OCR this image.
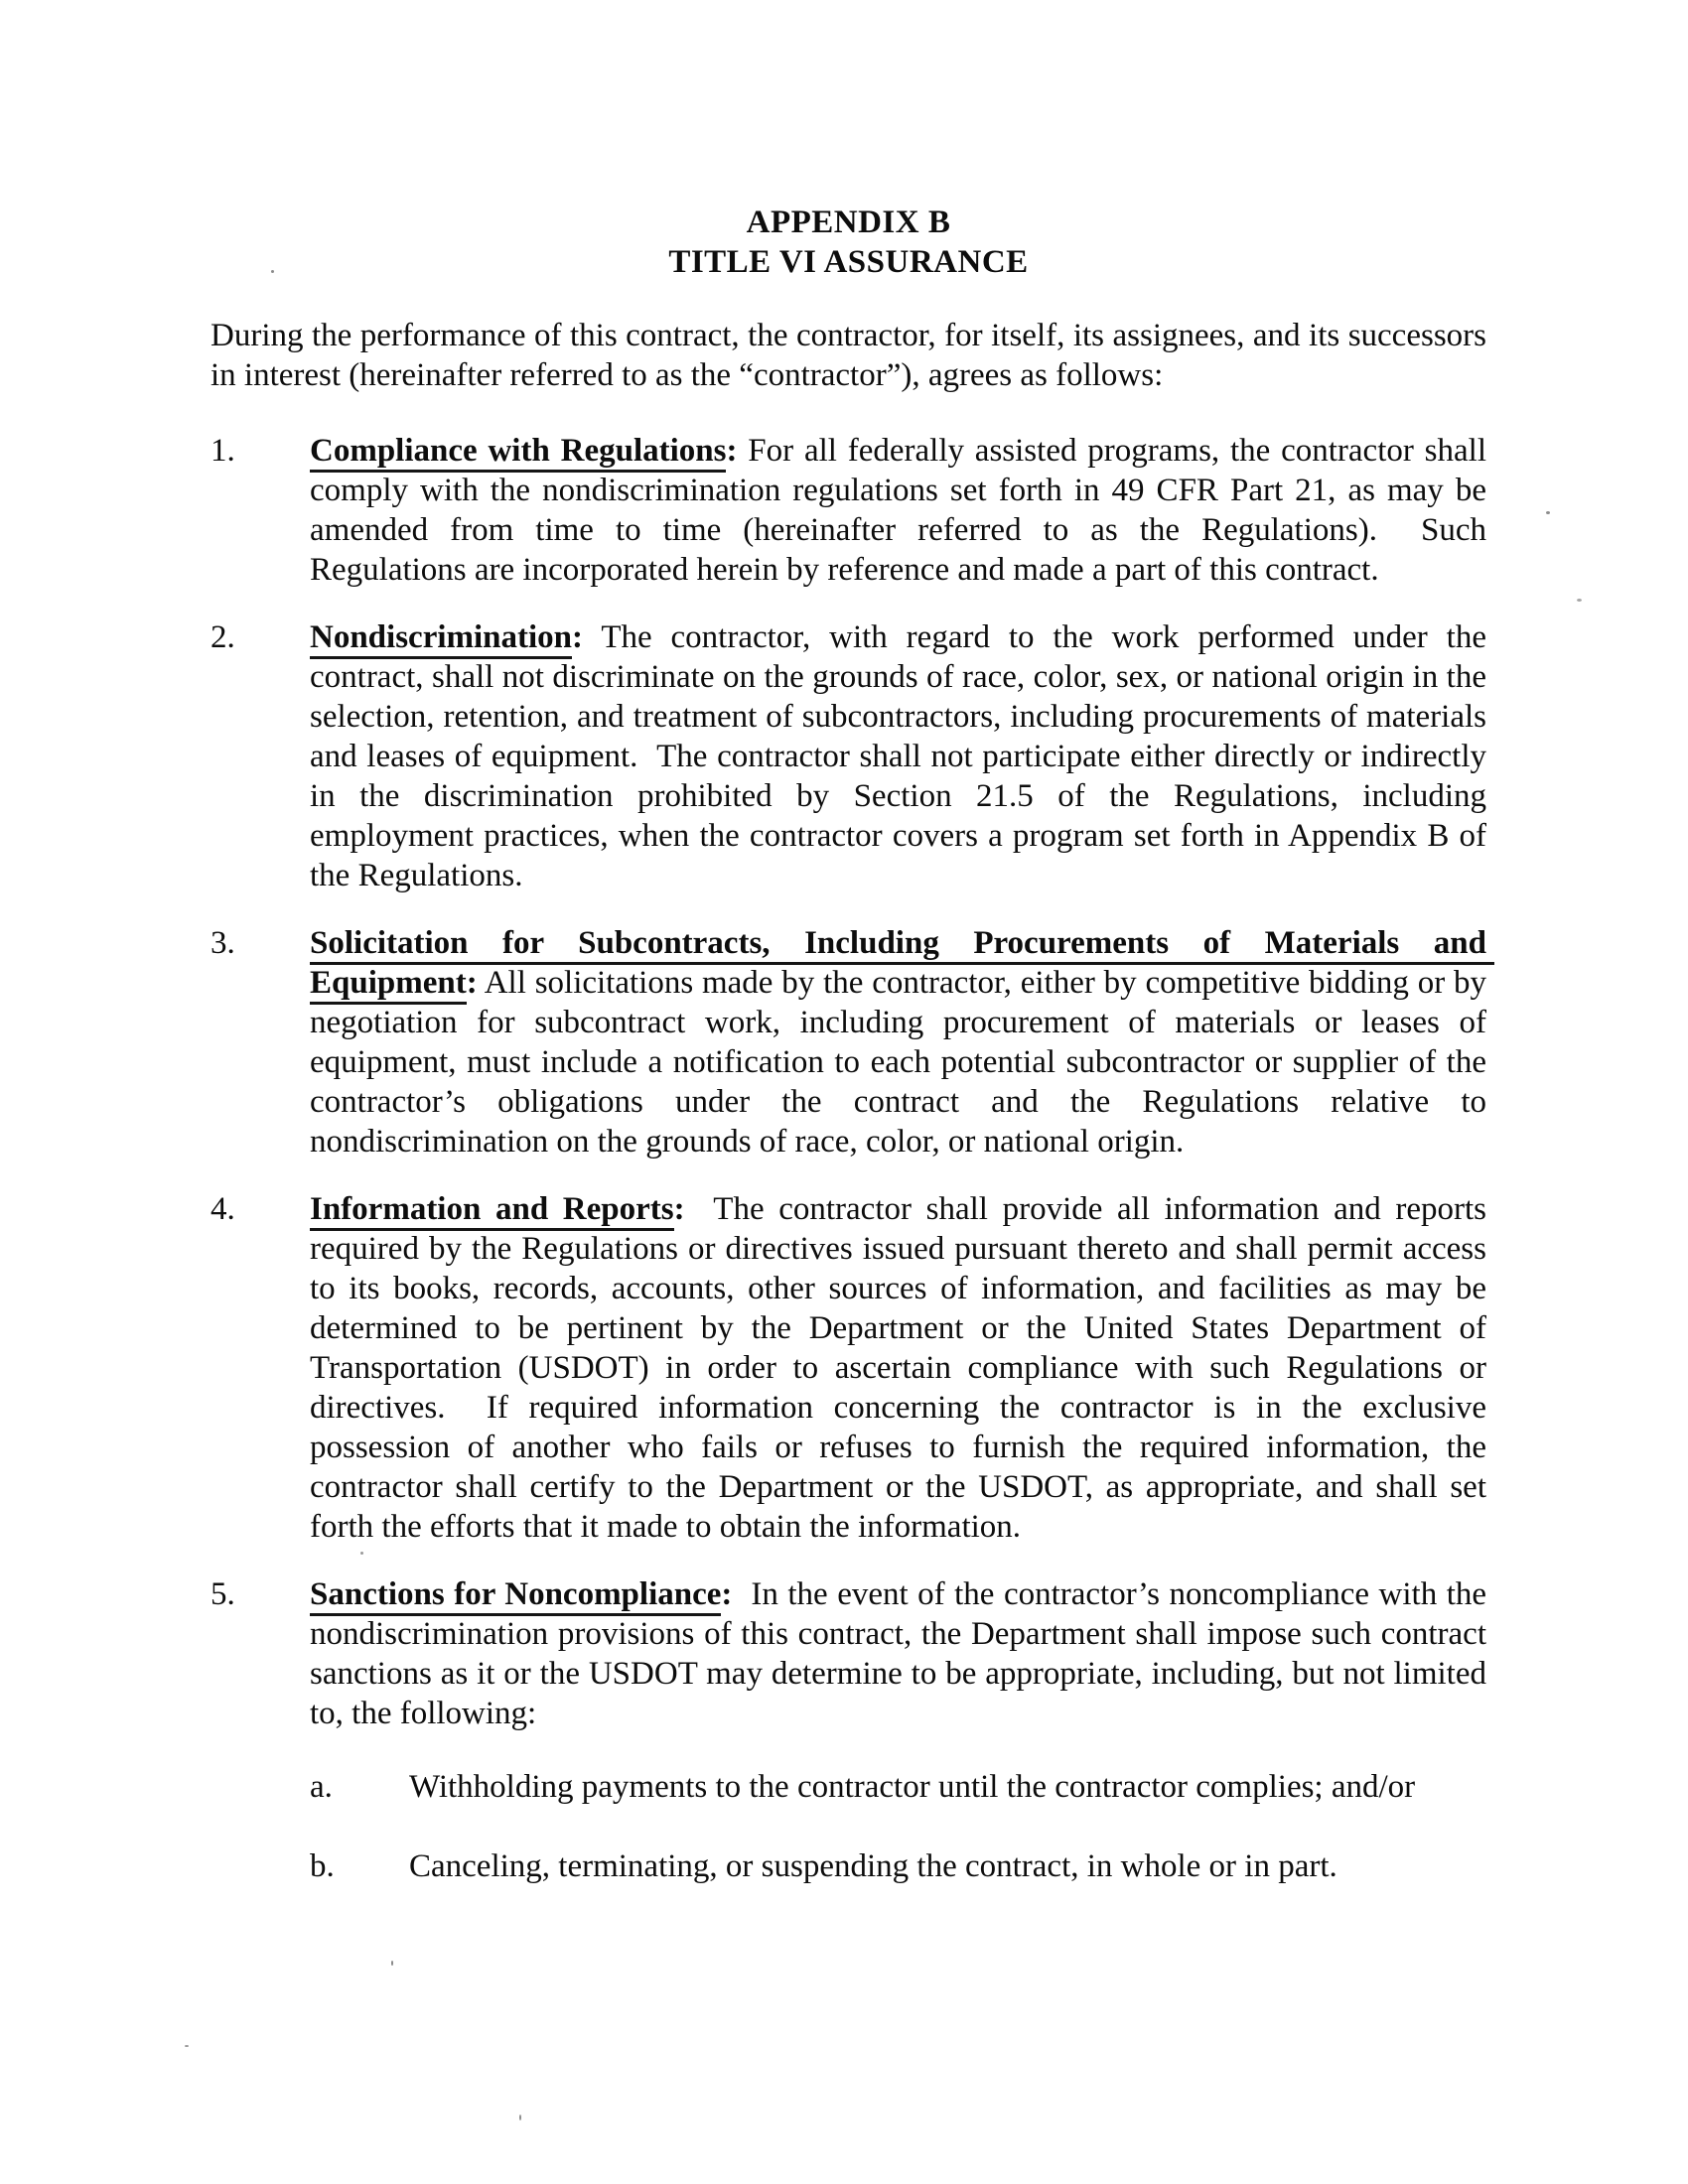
APPENDIX B
TITLE VI ASSURANCE

During the performance of this contract, the contractor, for itself, its assignees, and its successors in interest (hereinafter referred to as the “contractor”), agrees as follows:

1.	Compliance with Regulations: For all federally assisted programs, the contractor shall comply with the nondiscrimination regulations set forth in 49 CFR Part 21, as may be amended from time to time (hereinafter referred to as the Regulations).  Such Regulations are incorporated herein by reference and made a part of this contract.

2.	Nondiscrimination: The contractor, with regard to the work performed under the contract, shall not discriminate on the grounds of race, color, sex, or national origin in the selection, retention, and treatment of subcontractors, including procurements of materials and leases of equipment.  The contractor shall not participate either directly or indirectly in the discrimination prohibited by Section 21.5 of the Regulations, including employment practices, when the contractor covers a program set forth in Appendix B of the Regulations.

3.	Solicitation for Subcontracts, Including Procurements of Materials and Equipment: All solicitations made by the contractor, either by competitive bidding or by negotiation for subcontract work, including procurement of materials or leases of equipment, must include a notification to each potential subcontractor or supplier of the contractor’s obligations under the contract and the Regulations relative to nondiscrimination on the grounds of race, color, or national origin.

4.	Information and Reports:  The contractor shall provide all information and reports required by the Regulations or directives issued pursuant thereto and shall permit access to its books, records, accounts, other sources of information, and facilities as may be determined to be pertinent by the Department or the United States Department of Transportation (USDOT) in order to ascertain compliance with such Regulations or directives.  If required information concerning the contractor is in the exclusive possession of another who fails or refuses to furnish the required information, the contractor shall certify to the Department or the USDOT, as appropriate, and shall set forth the efforts that it made to obtain the information.

5.	Sanctions for Noncompliance:  In the event of the contractor’s noncompliance with the nondiscrimination provisions of this contract, the Department shall impose such contract sanctions as it or the USDOT may determine to be appropriate, including, but not limited to, the following:

a.	Withholding payments to the contractor until the contractor complies; and/or

b.	Canceling, terminating, or suspending the contract, in whole or in part.
